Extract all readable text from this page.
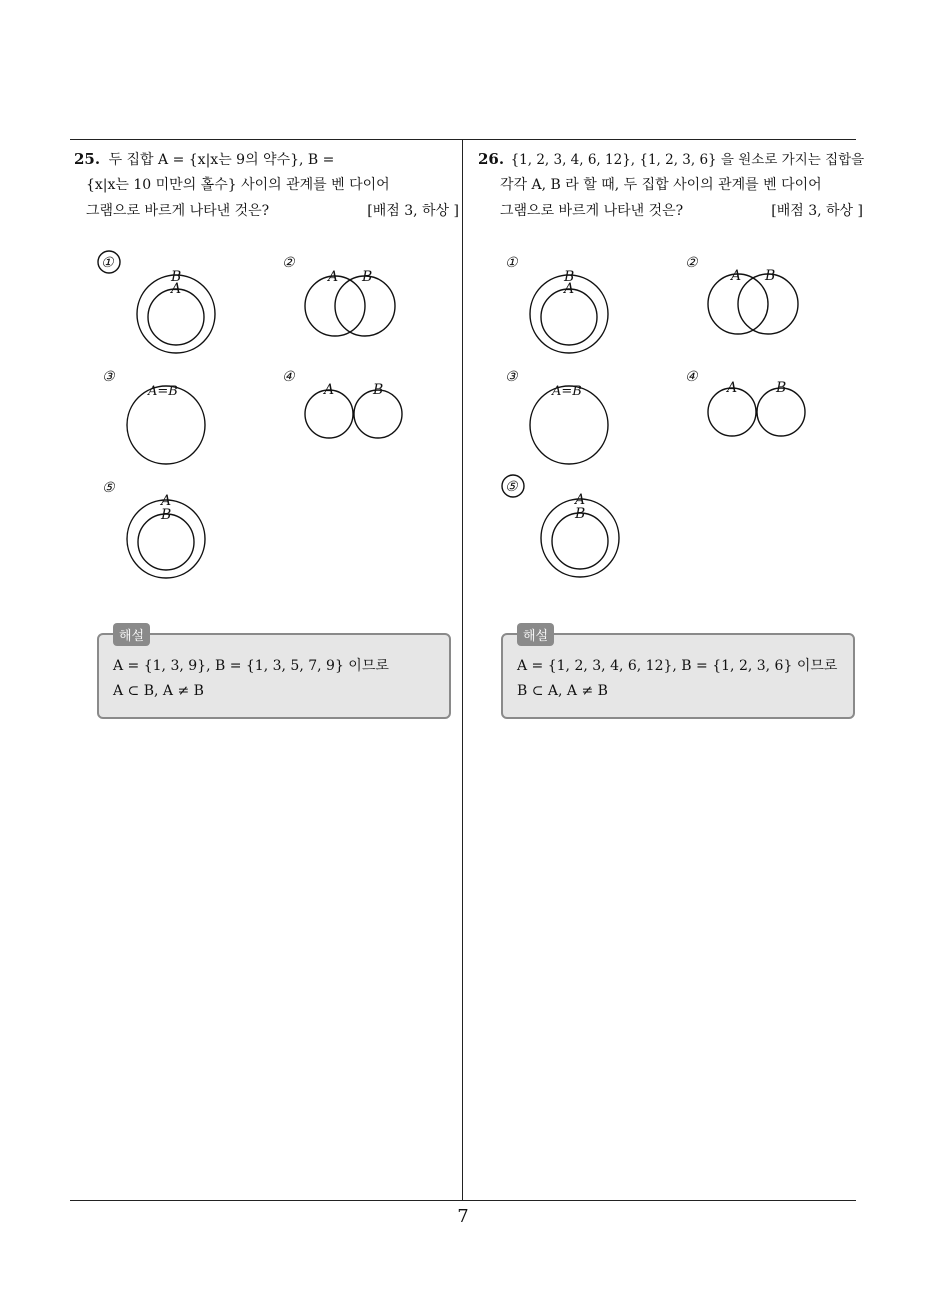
25. 두 집합 A = {x|x는 9의 약수}, B =
{x|x는 10 미만의 홀수} 사이의 관계를 벤 다이어
그램으로 바르게 나타낸 것은?	[배점 3, 하상 ]
①
B
A
②
A B
③
A=B
④
A	B
⑤
A
B
해설
A = {1, 3, 9}, B = {1, 3, 5, 7, 9} 이므로
A ⊂ B, A ≠ B
26. {1, 2, 3, 4, 6, 12}, {1, 2, 3, 6} 을 원소로 가지는 집합을
각각 A, B 라 할 때, 두 집합 사이의 관계를 벤 다이어
그램으로 바르게 나타낸 것은?	[배점 3, 하상 ]
①
B
A
②
A B
③
A=B
④
A	B
⑤
A
B
해설
A = {1, 2, 3, 4, 6, 12}, B = {1, 2, 3, 6} 이므로
B ⊂ A, A ≠ B
7
